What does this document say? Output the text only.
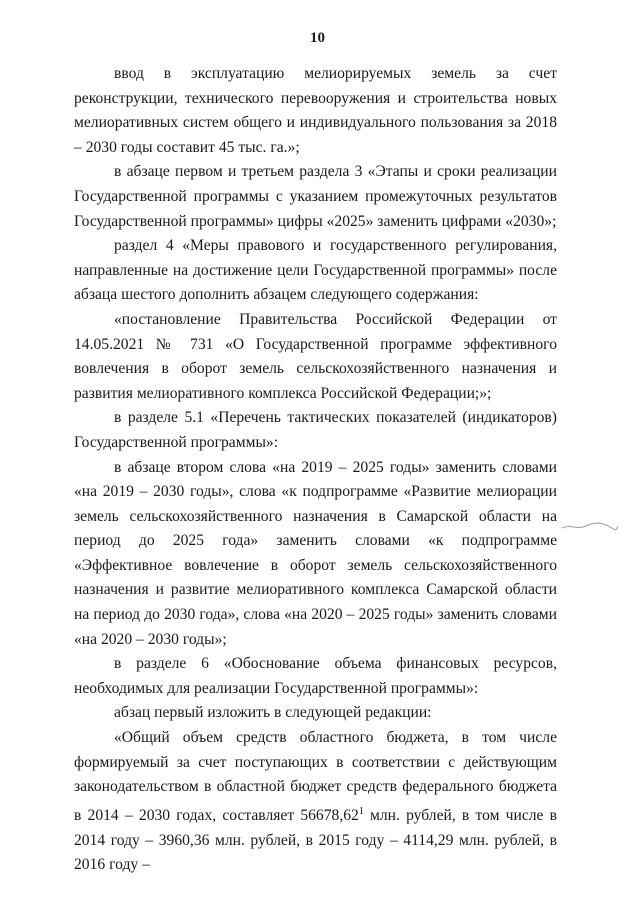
10

ввод в эксплуатацию мелиорируемых земель за счет реконструкции, технического перевооружения и строительства новых мелиоративных систем общего и индивидуального пользования за 2018 – 2030 годы составит 45 тыс. га.»;

в абзаце первом и третьем раздела 3 «Этапы и сроки реализации Государственной программы с указанием промежуточных результатов Государственной программы» цифры «2025» заменить цифрами «2030»;

раздел 4 «Меры правового и государственного регулирования, направленные на достижение цели Государственной программы» после абзаца шестого дополнить абзацем следующего содержания:

«постановление Правительства Российской Федерации от 14.05.2021 № 731 «О Государственной программе эффективного вовлечения в оборот земель сельскохозяйственного назначения и развития мелиоративного комплекса Российской Федерации;»;

в разделе 5.1 «Перечень тактических показателей (индикаторов) Государственной программы»:

в абзаце втором слова «на 2019 – 2025 годы» заменить словами «на 2019 – 2030 годы», слова «к подпрограмме «Развитие мелиорации земель сельскохозяйственного назначения в Самарской области на период до 2025 года» заменить словами «к подпрограмме «Эффективное вовлечение в оборот земель сельскохозяйственного назначения и развитие мелиоративного комплекса Самарской области на период до 2030 года», слова «на 2020 – 2025 годы» заменить словами «на 2020 – 2030 годы»;

в разделе 6 «Обоснование объема финансовых ресурсов, необходимых для реализации Государственной программы»:

абзац первый изложить в следующей редакции:

«Общий объем средств областного бюджета, в том числе формируемый за счет поступающих в соответствии с действующим законодательством в областной бюджет средств федерального бюджета в 2014 – 2030 годах, составляет 56678,62$^1$ млн. рублей, в том числе в 2014 году – 3960,36 млн. рублей, в 2015 году – 4114,29 млн. рублей, в 2016 году –
